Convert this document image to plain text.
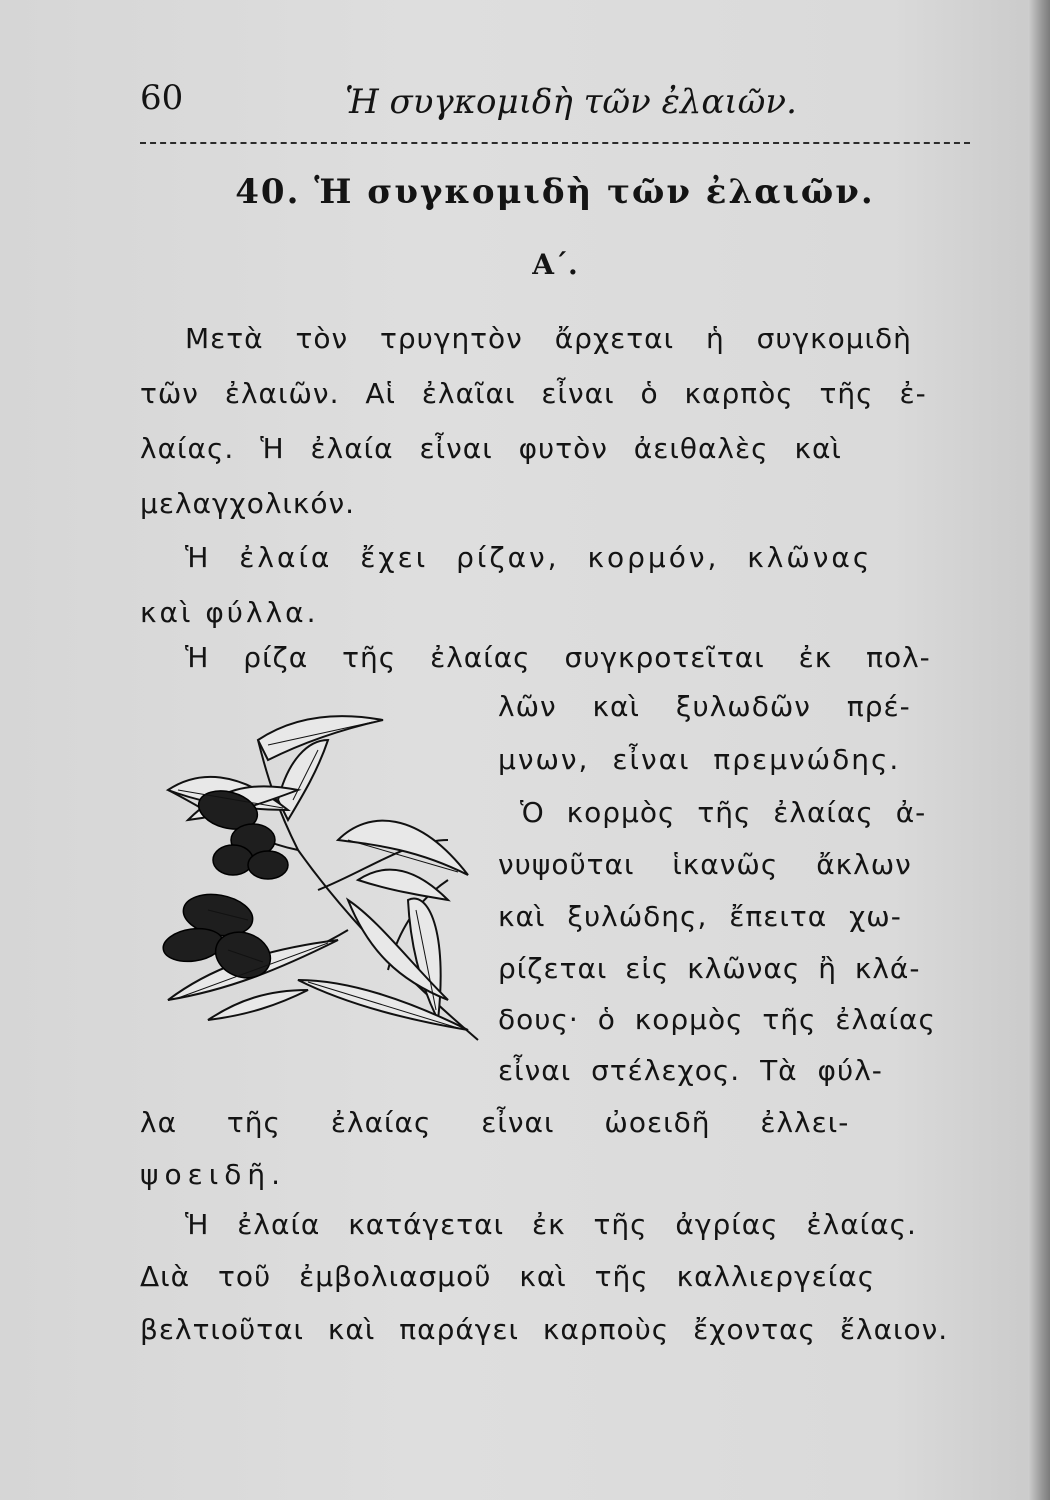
60	Ἡ συγκομιδὴ τῶν ἐλαιῶν.
40. Ἡ συγκομιδὴ τῶν ἐλαιῶν.
Α΄.
Μετὰ τὸν τρυγητὸν ἄρχεται ἡ συγκομιδὴ
τῶν ἐλαιῶν. Αἱ ἐλαῖαι εἶναι ὁ καρπὸς τῆς ἐ-
λαίας. Ἡ ἐλαία εἶναι φυτὸν ἀειθαλὲς καὶ
μελαγχολικόν.
Ἡ ἐλαία ἔχει ρίζαν, κορμόν, κλῶνας
καὶ φύλλα.
Ἡ ρίζα τῆς ἐλαίας συγκροτεῖται ἐκ πολ-
λῶν καὶ ξυλωδῶν πρέ-
μνων, εἶναι πρεμνώδης.
Ὁ κορμὸς τῆς ἐλαίας ἀ-
νυψοῦται ἱκανῶς ἄκλων
καὶ ξυλώδης, ἔπειτα χω-
ρίζεται εἰς κλῶνας ἢ κλά-
δους· ὁ κορμὸς τῆς ἐλαίας
εἶναι στέλεχος. Τὰ φύλ-
λα τῆς ἐλαίας εἶναι ὠοειδῆ ἐλλει-
ψοειδῆ.
Ἡ ἐλαία κατάγεται ἐκ τῆς ἀγρίας ἐλαίας.
Διὰ τοῦ ἐμβολιασμοῦ καὶ τῆς καλλιεργείας
βελτιοῦται καὶ παράγει καρποὺς ἔχοντας ἔλαιον.
